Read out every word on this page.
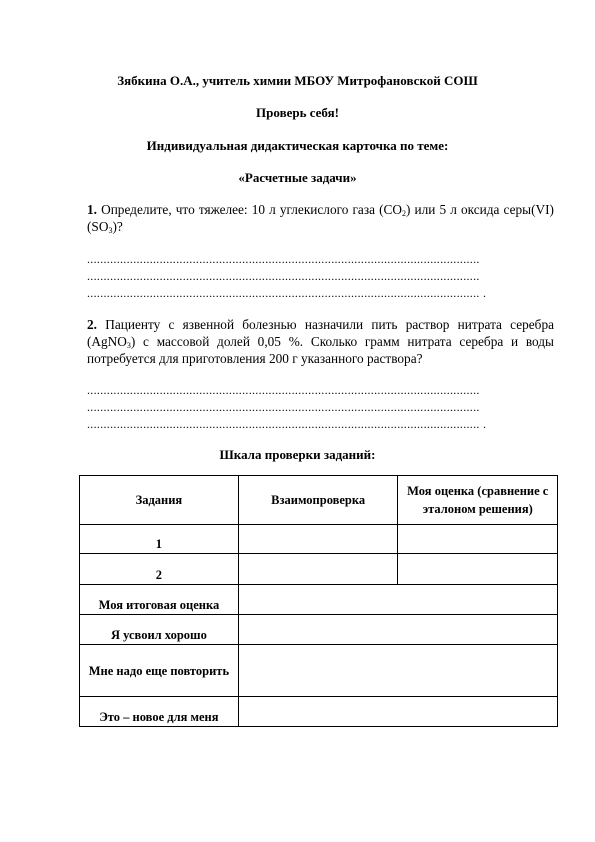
Зябкина О.А., учитель химии МБОУ Митрофановской СОШ
Проверь себя!
Индивидуальная дидактическая карточка по теме:
«Расчетные задачи»
1. Определите, что тяжелее: 10 л углекислого газа $(CO_2)$ или 5 л оксида серы(VI) $(SO_3)$?
.......................................................................................................................
.......................................................................................................................
....................................................................................................................... .
2. Пациенту с язвенной болезнью назначили пить раствор нитрата серебра (AgNO$_3$) с массовой долей 0,05 %. Сколько грамм нитрата серебра и воды потребуется для приготовления 200 г указанного раствора?
.......................................................................................................................
.......................................................................................................................
....................................................................................................................... .
Шкала проверки заданий:
Задания	Взаимопроверка	Моя оценка (сравнение с эталоном решения)
1		
2		
Моя итоговая оценка		
Я усвоил хорошо		
Мне надо еще повторить		
Это – новое для меня		
